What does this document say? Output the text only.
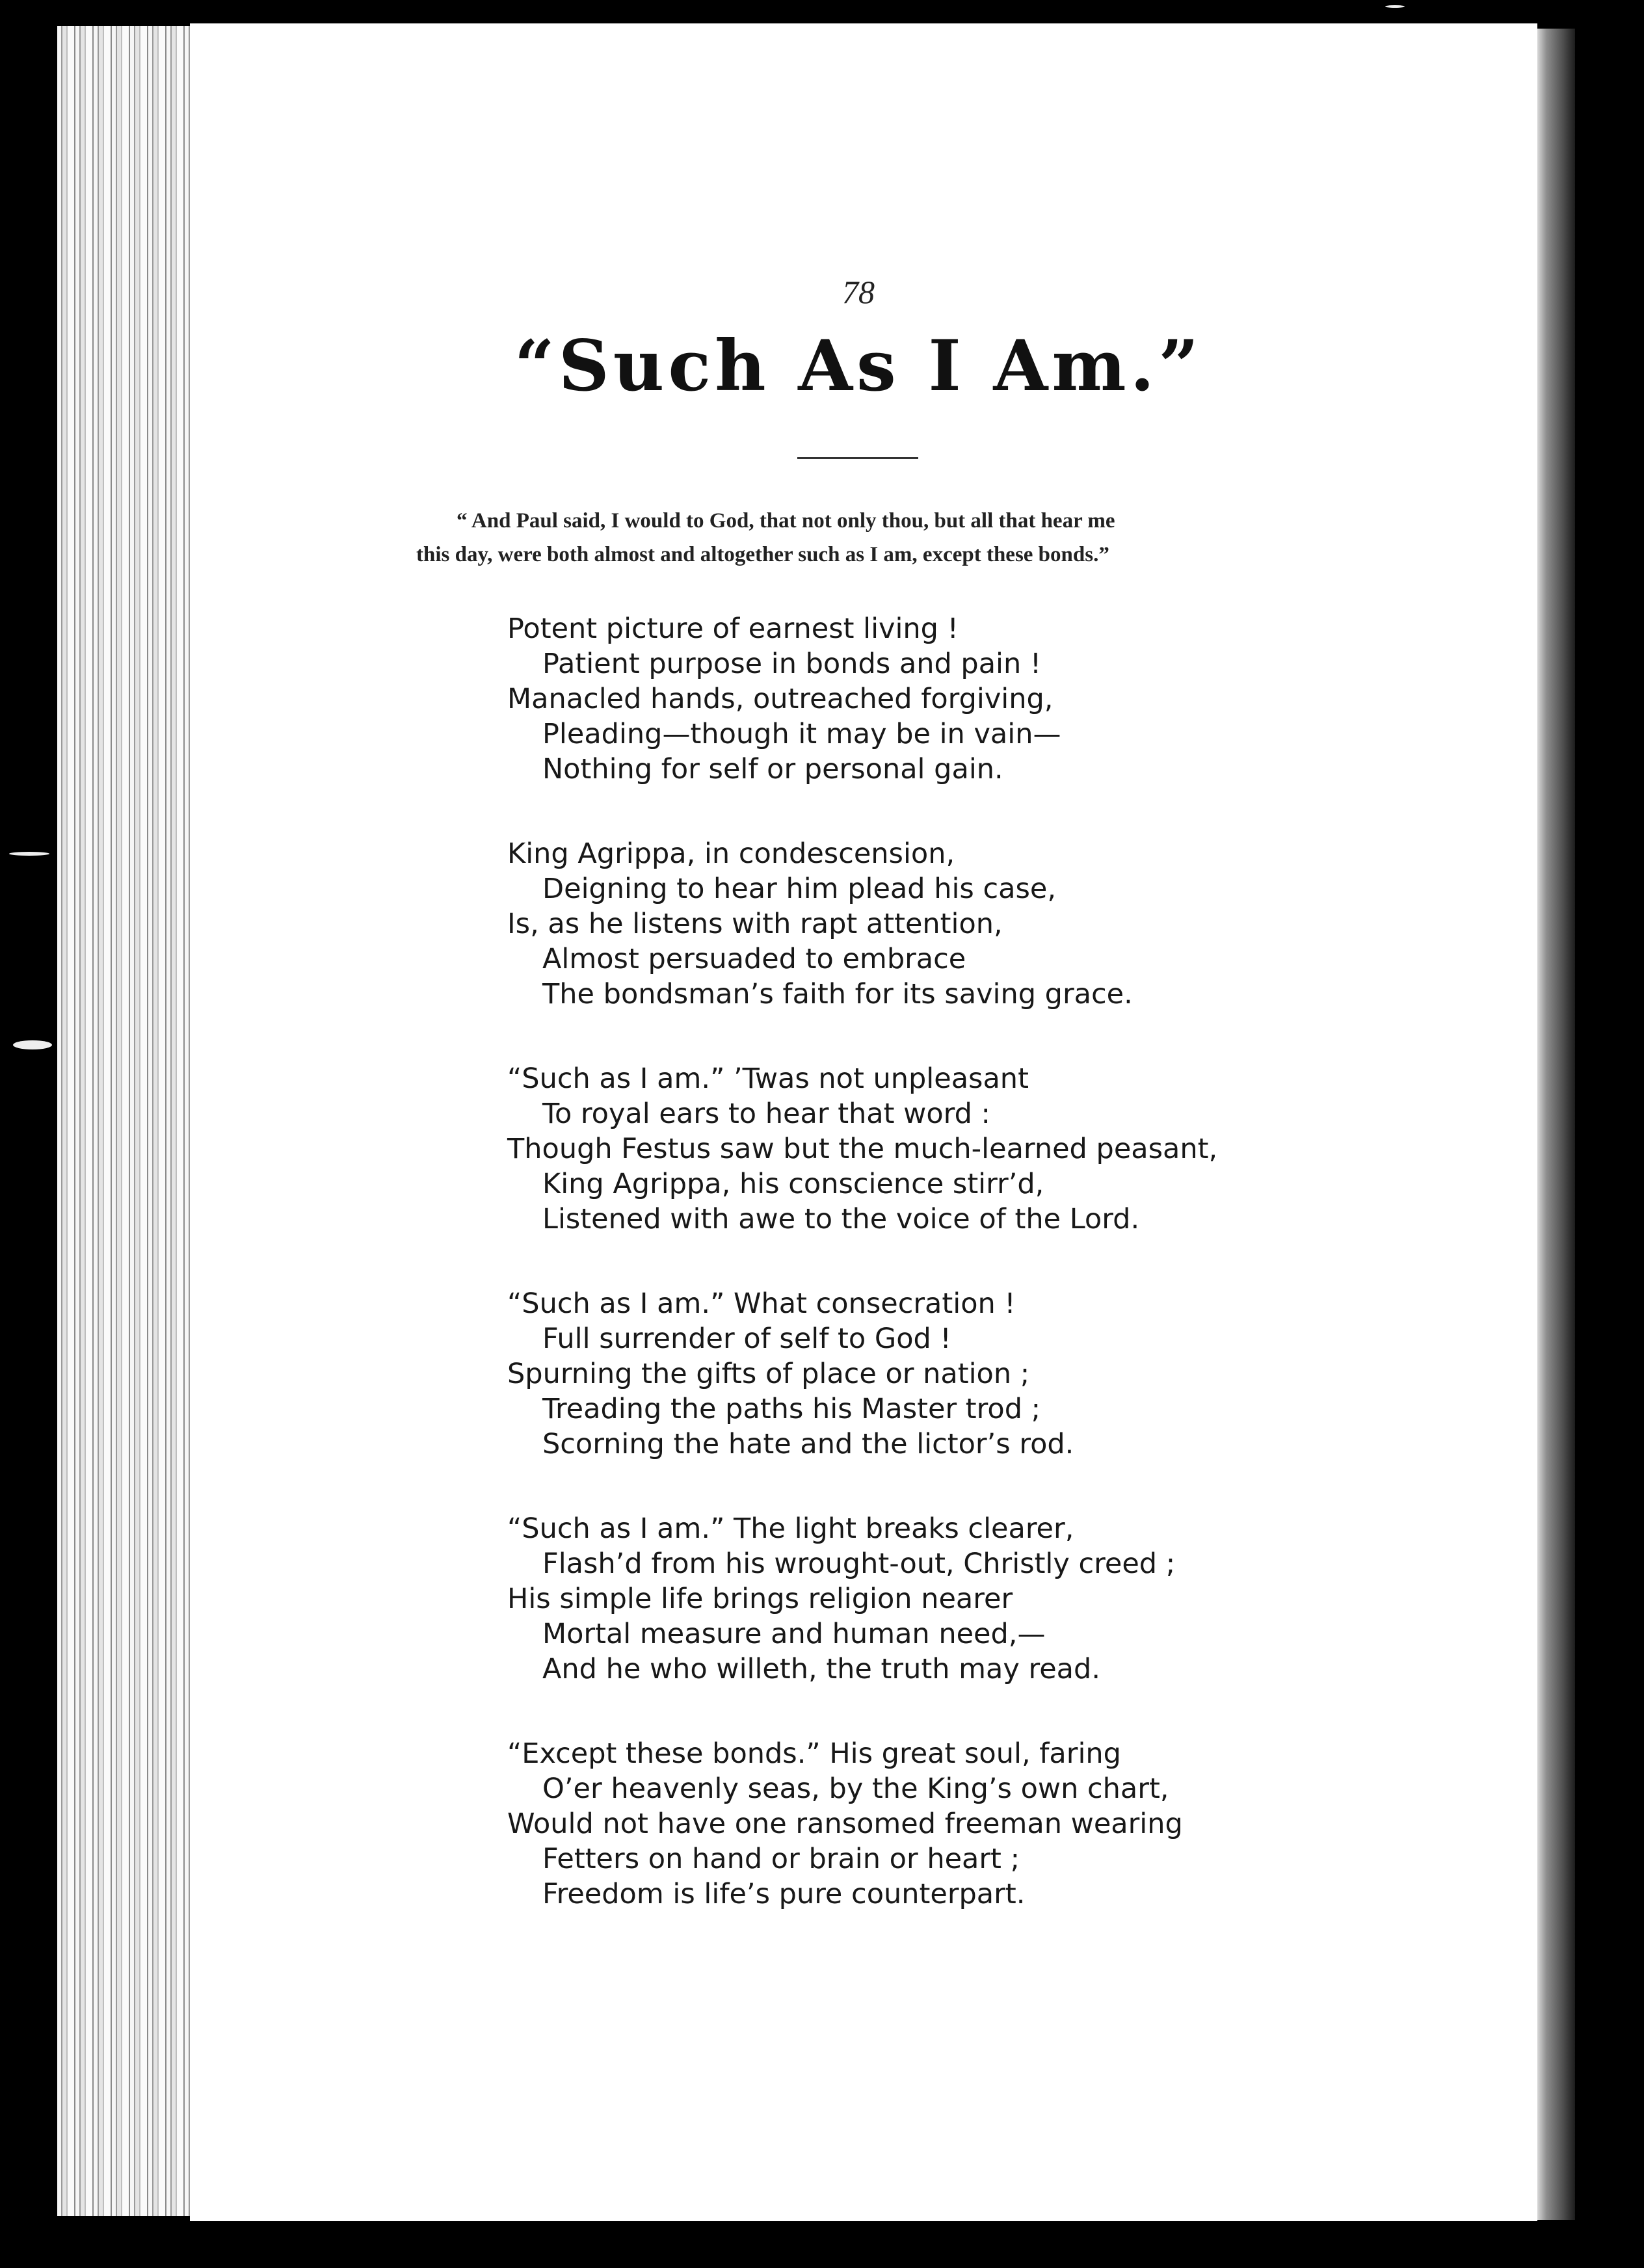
78
“Such As I Am.”
“ And Paul said, I would to God, that not only thou, but all that hear me
this day, were both almost and altogether such as I am, except these bonds.”
Potent picture of earnest living !
Patient purpose in bonds and pain !
Manacled hands, outreached forgiving,
Pleading—though it may be in vain—
Nothing for self or personal gain.
King Agrippa, in condescension,
Deigning to hear him plead his case,
Is, as he listens with rapt attention,
Almost persuaded to embrace
The bondsman’s faith for its saving grace.
“Such as I am.” ’Twas not unpleasant
To royal ears to hear that word :
Though Festus saw but the much-learned peasant,
King Agrippa, his conscience stirr’d,
Listened with awe to the voice of the Lord.
“Such as I am.” What consecration !
Full surrender of self to God !
Spurning the gifts of place or nation ;
Treading the paths his Master trod ;
Scorning the hate and the lictor’s rod.
“Such as I am.” The light breaks clearer,
Flash’d from his wrought-out, Christly creed ;
His simple life brings religion nearer
Mortal measure and human need,—
And he who willeth, the truth may read.
“Except these bonds.” His great soul, faring
O’er heavenly seas, by the King’s own chart,
Would not have one ransomed freeman wearing
Fetters on hand or brain or heart ;
Freedom is life’s pure counterpart.
